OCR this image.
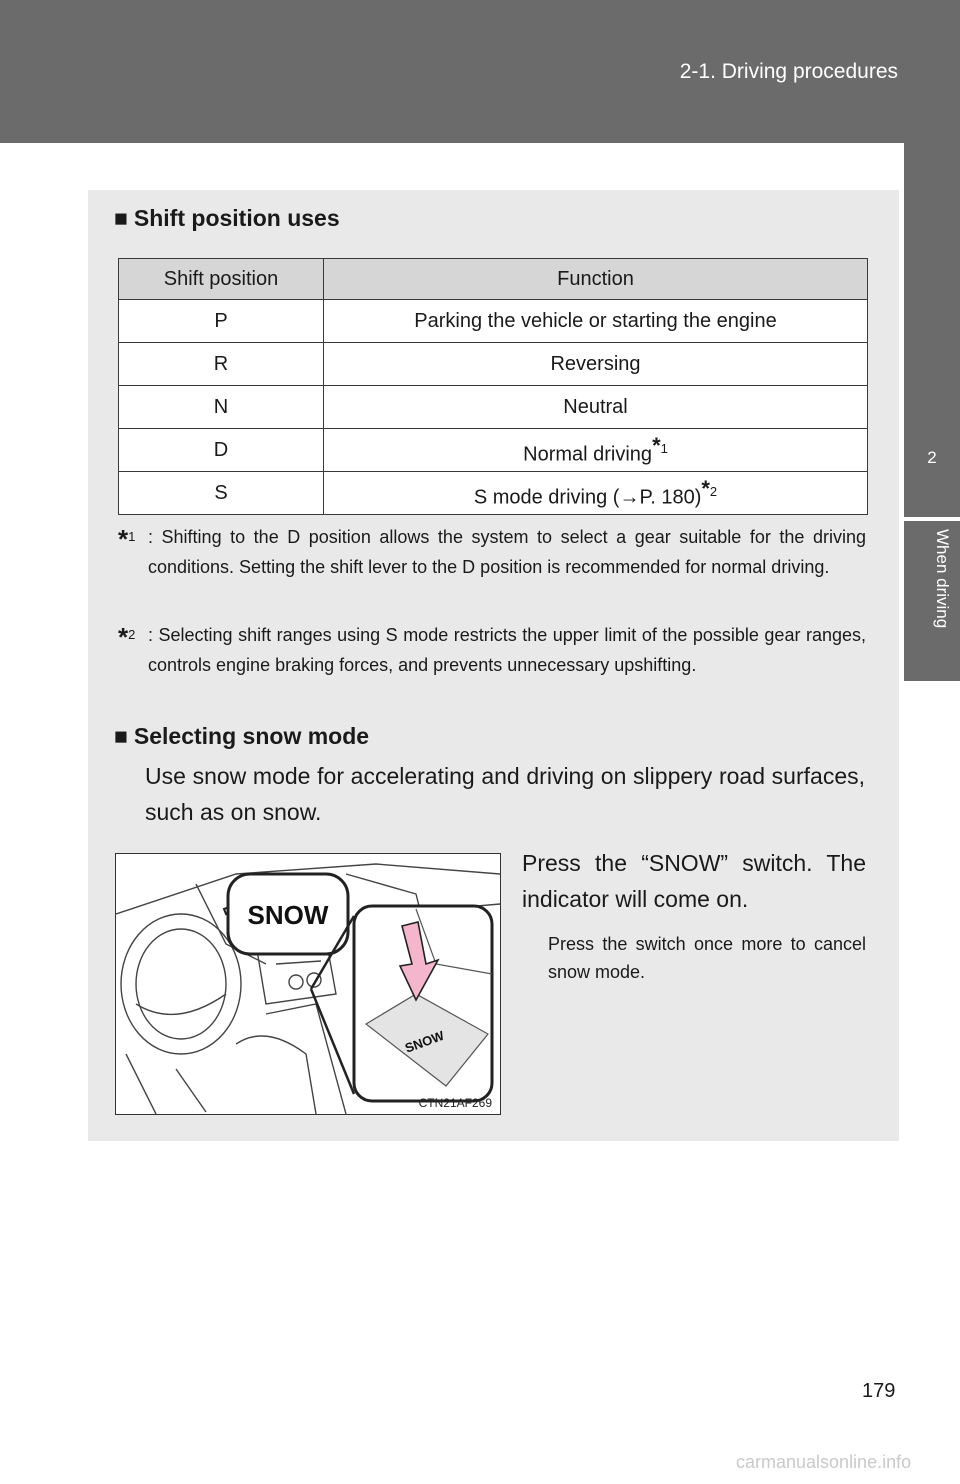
2-1. Driving procedures
2
When driving
■ Shift position uses
Shift position	Function
P	Parking the vehicle or starting the engine
R	Reversing
N	Neutral
D	Normal driving$^{*1}$
S	S mode driving (→P. 180)$^{*2}$
*$^1$ : Shifting to the D position allows the system to select a gear suitable for the driving conditions. Setting the shift lever to the D position is recommended for normal driving.
*$^2$ : Selecting shift ranges using S mode restricts the upper limit of the possible gear ranges, controls engine braking forces, and prevents unnecessary upshifting.
■ Selecting snow mode
Use snow mode for accelerating and driving on slippery road surfaces, such as on snow.
SNOW
SNOW
CTN21AF269
Press the “SNOW” switch. The indicator will come on.
Press the switch once more to cancel snow mode.
179
carmanualsonline.info
